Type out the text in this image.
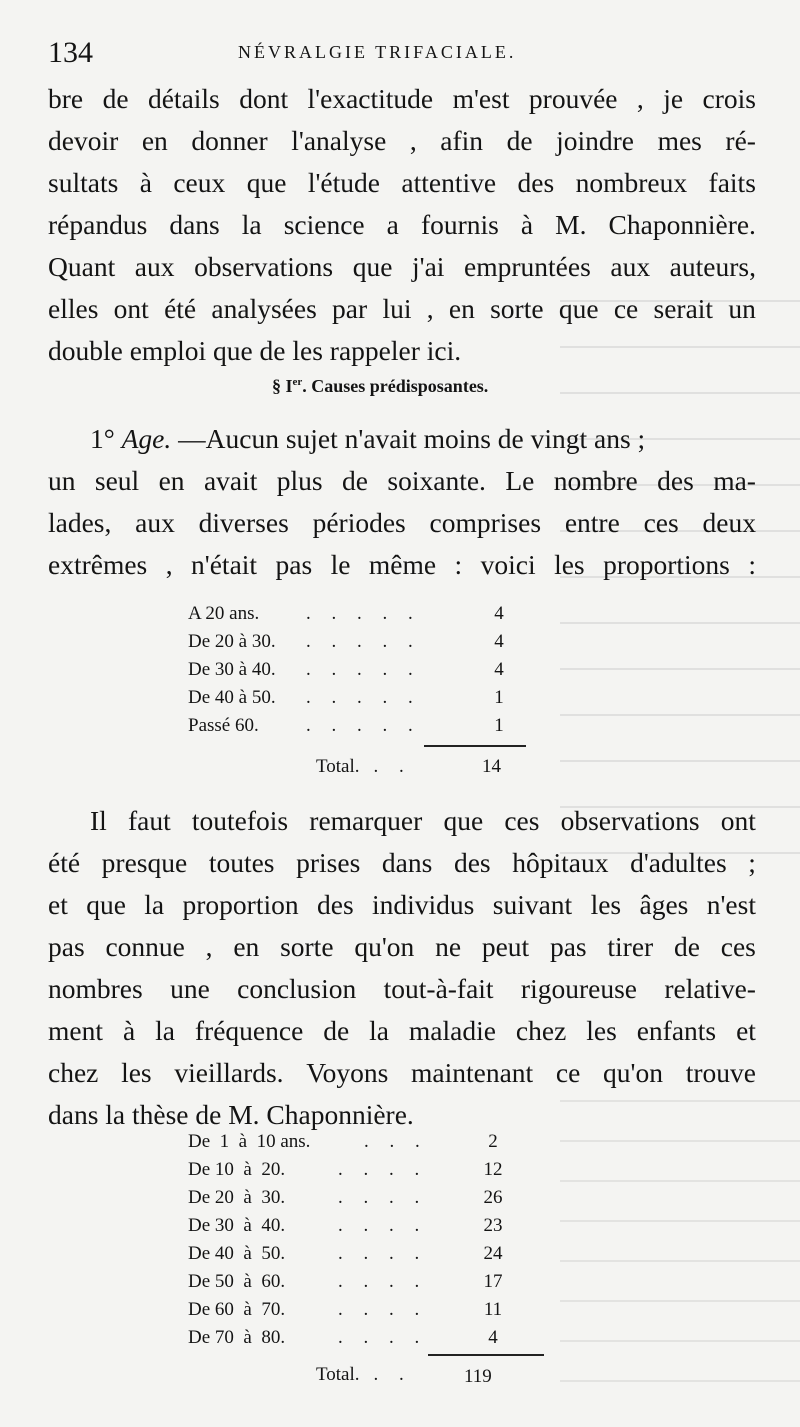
134	NÉVRALGIE TRIFACIALE.
bre de détails dont l'exactitude m'est prouvée , je crois
devoir en donner l'analyse , afin de joindre mes ré-
sultats à ceux que l'étude attentive des nombreux faits
répandus dans la science a fournis à M. Chaponnière.
Quant aux observations que j'ai empruntées aux auteurs,
elles ont été analysées par lui , en sorte que ce serait un
double emploi que de les rappeler ici.
§ Ier. Causes prédisposantes.
1°
Age.
—Aucun sujet n'avait moins de vingt ans ;
un seul en avait plus de soixante. Le nombre des ma-
lades, aux diverses périodes comprises entre ces deux
extrêmes , n'était pas le même : voici les proportions :
A 20 ans. . . . . .	4
De 20 à 30. . . . . .	4
De 30 à 40. . . . . .	4
De 40 à 50. . . . . .	1
Passé 60. . . . . .	1
Total. . .	14
Il faut toutefois remarquer que ces observations ont
été presque toutes prises dans des hôpitaux d'adultes ;
et que la proportion des individus suivant les âges n'est
pas connue , en sorte qu'on ne peut pas tirer de ces
nombres une conclusion tout-à-fait rigoureuse relative-
ment à la fréquence de la maladie chez les enfants et
chez les vieillards. Voyons maintenant ce qu'on trouve
dans la thèse de M. Chaponnière.
De  1  à  10 ans.	. . .	2
De 10  à  20.	. . . .	12
De 20  à  30.	. . . .	26
De 30  à  40.	. . . .	23
De 40  à  50.	. . . .	24
De 50  à  60.	. . . .	17
De 60  à  70.	. . . .	11
De 70  à  80.	. . . .	4
Total. . .	119
